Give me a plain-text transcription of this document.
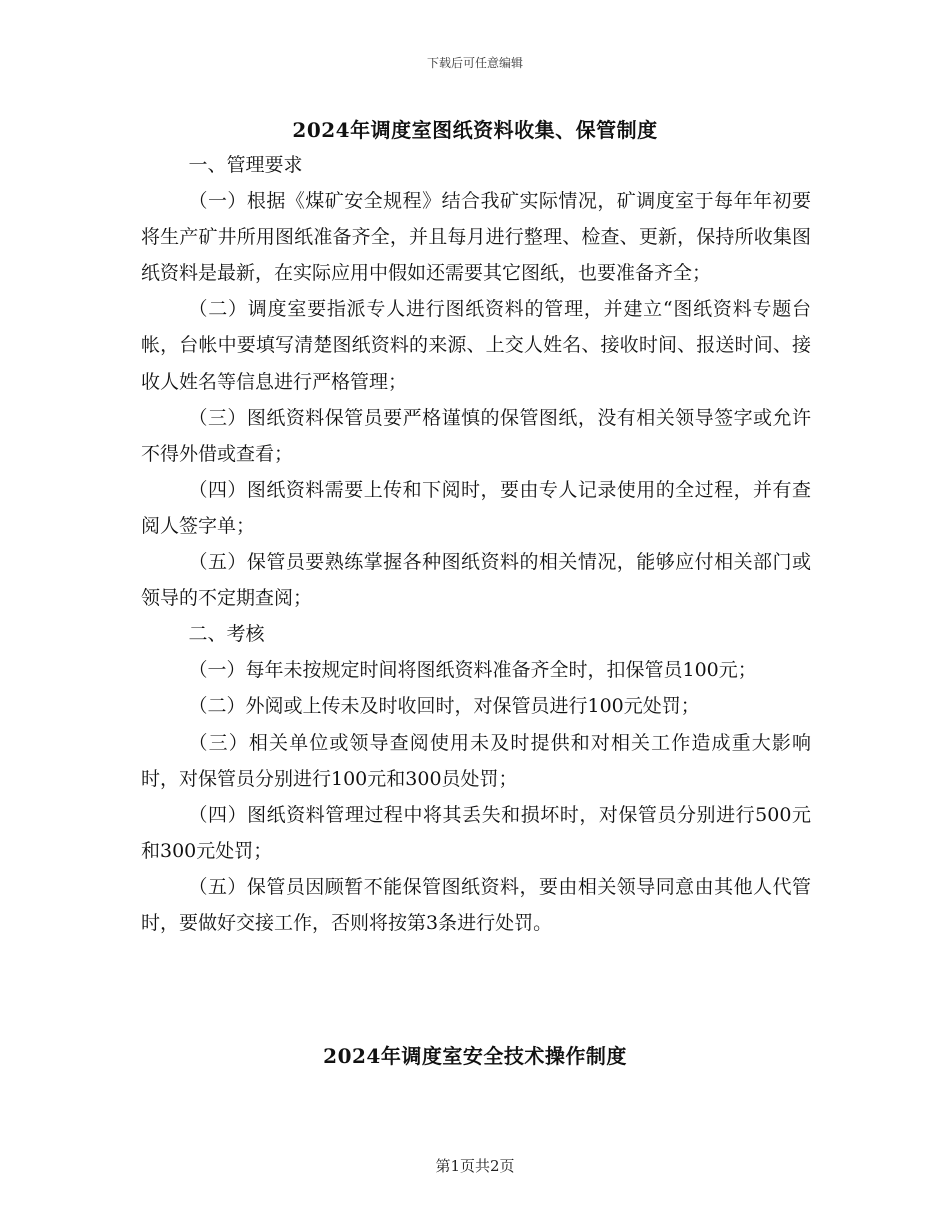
下载后可任意编辑
2024年调度室图纸资料收集、保管制度

一、管理要求

（一）根据《煤矿安全规程》结合我矿实际情况，矿调度室于每年年初要将生产矿井所用图纸准备齐全，并且每月进行整理、检查、更新，保持所收集图纸资料是最新，在实际应用中假如还需要其它图纸，也要准备齐全；

（二）调度室要指派专人进行图纸资料的管理，并建立“图纸资料专题台帐，台帐中要填写清楚图纸资料的来源、上交人姓名、接收时间、报送时间、接收人姓名等信息进行严格管理；

（三）图纸资料保管员要严格谨慎的保管图纸，没有相关领导签字或允许不得外借或查看；

（四）图纸资料需要上传和下阅时，要由专人记录使用的全过程，并有查阅人签字单；

（五）保管员要熟练掌握各种图纸资料的相关情况，能够应付相关部门或领导的不定期查阅；

二、考核

（一）每年未按规定时间将图纸资料准备齐全时，扣保管员100元；

（二）外阅或上传未及时收回时，对保管员进行100元处罚；

（三）相关单位或领导查阅使用未及时提供和对相关工作造成重大影响时，对保管员分别进行100元和300员处罚；

（四）图纸资料管理过程中将其丢失和损坏时，对保管员分别进行500元和300元处罚；

（五）保管员因顾暂不能保管图纸资料，要由相关领导同意由其他人代管时，要做好交接工作，否则将按第3条进行处罚。

2024年调度室安全技术操作制度
第1页共2页
